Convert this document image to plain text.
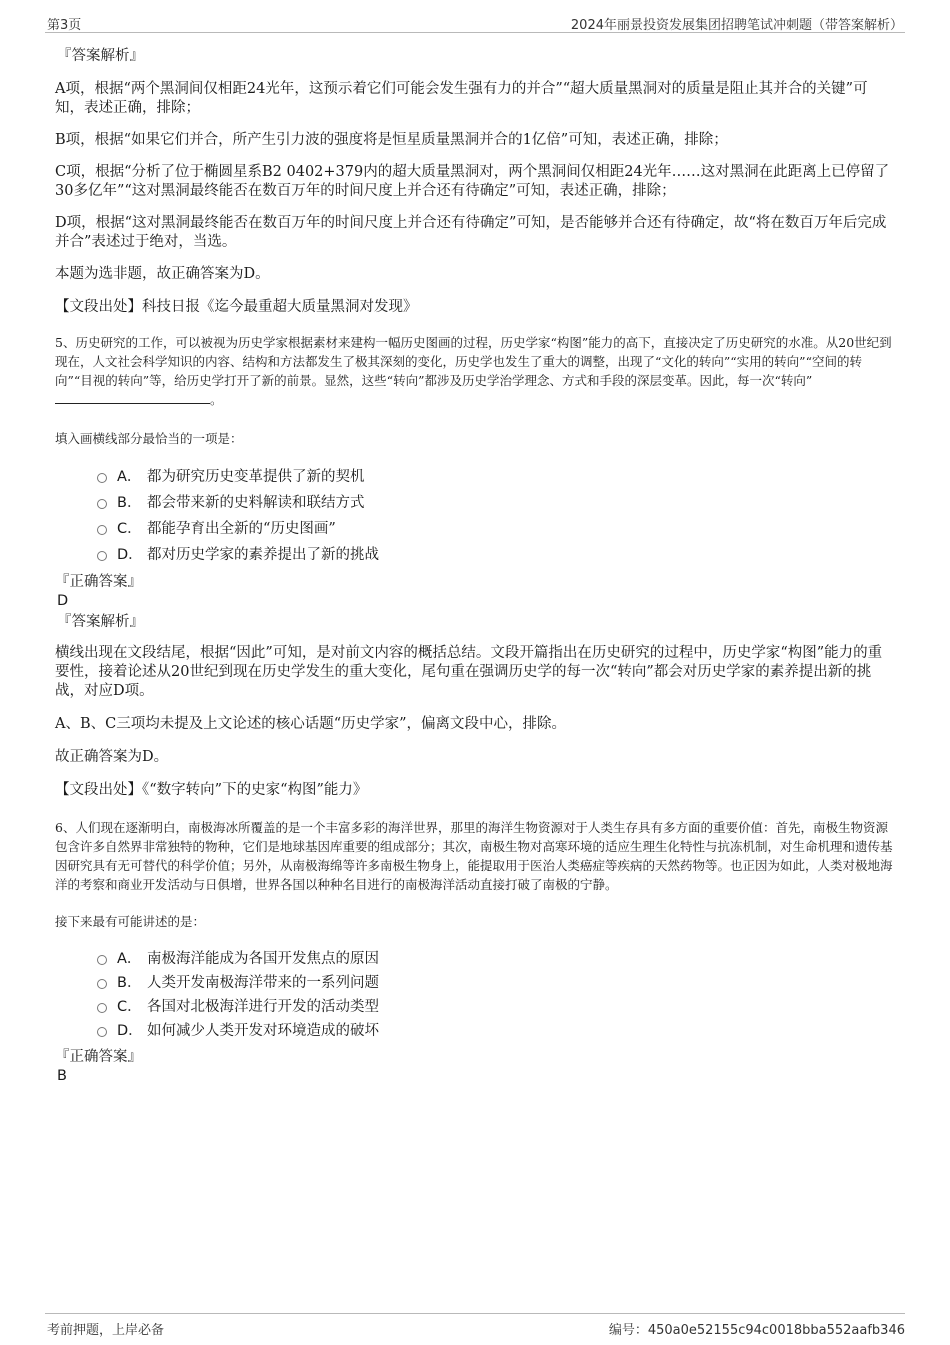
第3页	2024年丽景投资发展集团招聘笔试冲刺题（带答案解析）

『答案解析』

A项，根据“两个黑洞间仅相距24光年，这预示着它们可能会发生强有力的并合”“超大质量黑洞对的质量是阻止其并合的关键”可知，表述正确，排除；

B项，根据“如果它们并合，所产生引力波的强度将是恒星质量黑洞并合的1亿倍”可知，表述正确，排除；

C项，根据“分析了位于椭圆星系B2 0402+379内的超大质量黑洞对，两个黑洞间仅相距24光年……这对黑洞在此距离上已停留了30多亿年”“这对黑洞最终能否在数百万年的时间尺度上并合还有待确定”可知，表述正确，排除；

D项，根据“这对黑洞最终能否在数百万年的时间尺度上并合还有待确定”可知，是否能够并合还有待确定，故“将在数百万年后完成并合”表述过于绝对，当选。

本题为选非题，故正确答案为D。

【文段出处】科技日报《迄今最重超大质量黑洞对发现》

5、历史研究的工作，可以被视为历史学家根据素材来建构一幅历史图画的过程，历史学家“构图”能力的高下，直接决定了历史研究的水准。从20世纪到现在，人文社会科学知识的内容、结构和方法都发生了极其深刻的变化，历史学也发生了重大的调整，出现了“文化的转向”“实用的转向”“空间的转向”“目视的转向”等，给历史学打开了新的前景。显然，这些“转向”都涉及历史学治学理念、方式和手段的深层变革。因此，每一次“转向”。

填入画横线部分最恰当的一项是：

A． 都为研究历史变革提供了新的契机
B． 都会带来新的史料解读和联结方式
C． 都能孕育出全新的“历史图画”
D． 都对历史学家的素养提出了新的挑战

『正确答案』

D

『答案解析』

横线出现在文段结尾，根据“因此”可知，是对前文内容的概括总结。文段开篇指出在历史研究的过程中，历史学家“构图”能力的重要性，接着论述从20世纪到现在历史学发生的重大变化，尾句重在强调历史学的每一次“转向”都会对历史学家的素养提出新的挑战，对应D项。

A、B、C三项均未提及上文论述的核心话题“历史学家”，偏离文段中心，排除。

故正确答案为D。

【文段出处】《“数字转向”下的史家“构图”能力》

6、人们现在逐渐明白，南极海冰所覆盖的是一个丰富多彩的海洋世界，那里的海洋生物资源对于人类生存具有多方面的重要价值：首先，南极生物资源包含许多自然界非常独特的物种，它们是地球基因库重要的组成部分；其次，南极生物对高寒环境的适应生理生化特性与抗冻机制，对生命机理和遗传基因研究具有无可替代的科学价值；另外，从南极海绵等许多南极生物身上，能提取用于医治人类癌症等疾病的天然药物等。也正因为如此，人类对极地海洋的考察和商业开发活动与日俱增，世界各国以种种名目进行的南极海洋活动直接打破了南极的宁静。

接下来最有可能讲述的是：

A． 南极海洋能成为各国开发焦点的原因
B． 人类开发南极海洋带来的一系列问题
C． 各国对北极海洋进行开发的活动类型
D． 如何减少人类开发对环境造成的破坏

『正确答案』

B

考前押题，上岸必备	编号：450a0e52155c94c0018bba552aafb346
